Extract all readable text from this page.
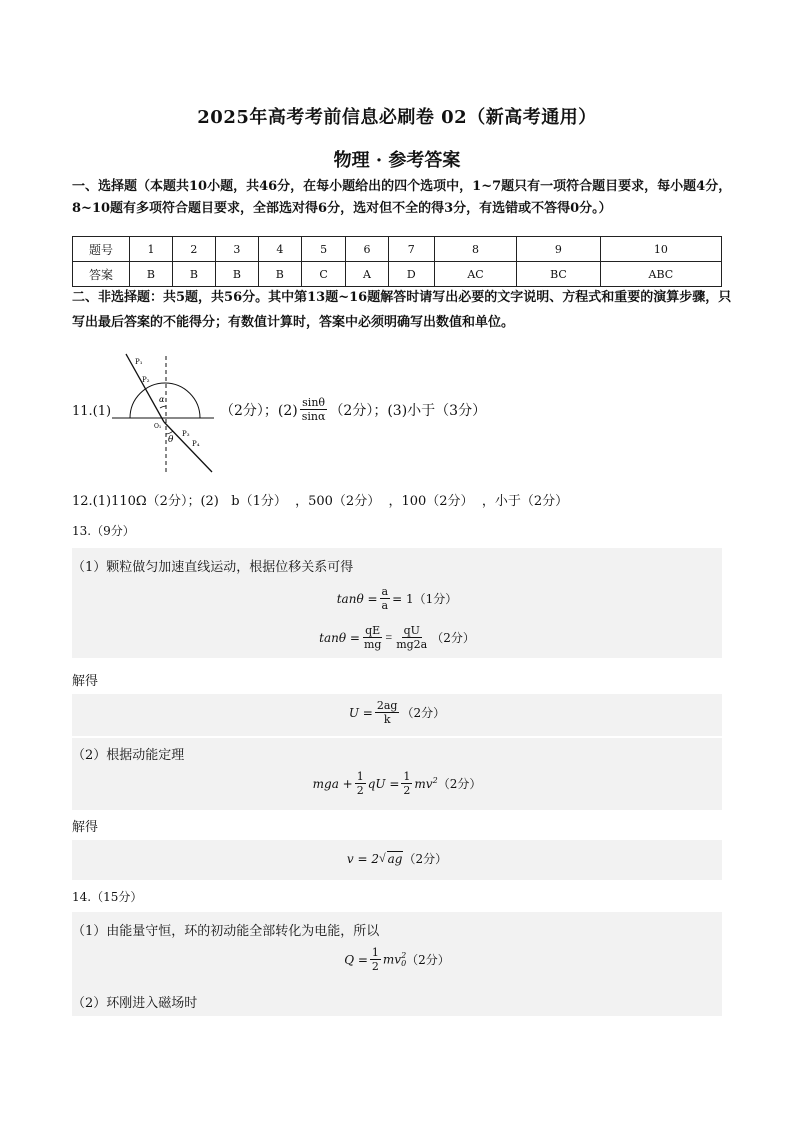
2025年高考考前信息必刷卷 02（新高考通用）
物理 · 参考答案
一、选择题（本题共10小题，共46分，在每小题给出的四个选项中，1~7题只有一项符合题目要求，每小题4分，8~10题有多项符合题目要求，全部选对得6分，选对但不全的得3分，有选错或不答得0分。）
题号	1	2	3	4	5	6	7	8	9	10
答案	B	B	B	B	C	A	D	AC	BC	ABC
二、非选择题：共5题，共56分。其中第13题~16题解答时请写出必要的文字说明、方程式和重要的演算步骤，只写出最后答案的不能得分；有数值计算时，答案中必须明确写出数值和单位。
11.(1)
P₁
P₂
α
O₁
θ
P₃
P₄
（2分）；$(2) \frac{\sin\theta}{\sin\alpha} (2$分）；(3)小于（3分）
12.(1)110Ω（2分）；(2)   b（1分）  ，500（2分）  ，100（2分）  ，小于（2分）
13.（9分）
（1）颗粒做匀加速直线运动，根据位移关系可得
$\tan\theta = \frac{a}{a} = 1(1$分）
$\tan\theta = \frac{qE}{mg} = \frac{qU}{mg2a} (2$分）
解得
$U = \frac{2ag}{k} (2$分）
（2）根据动能定理
mga + $\frac{1}{2}$ qU = $\frac{1}{2} mv^2$ （2分）
解得
v = 2 √ ag （2分）
14.（15分）
（1）由能量守恒，环的初动能全部转化为电能，所以
$Q = \frac{1}{2}$ mv 2
0 （2分）
（2）环刚进入磁场时
